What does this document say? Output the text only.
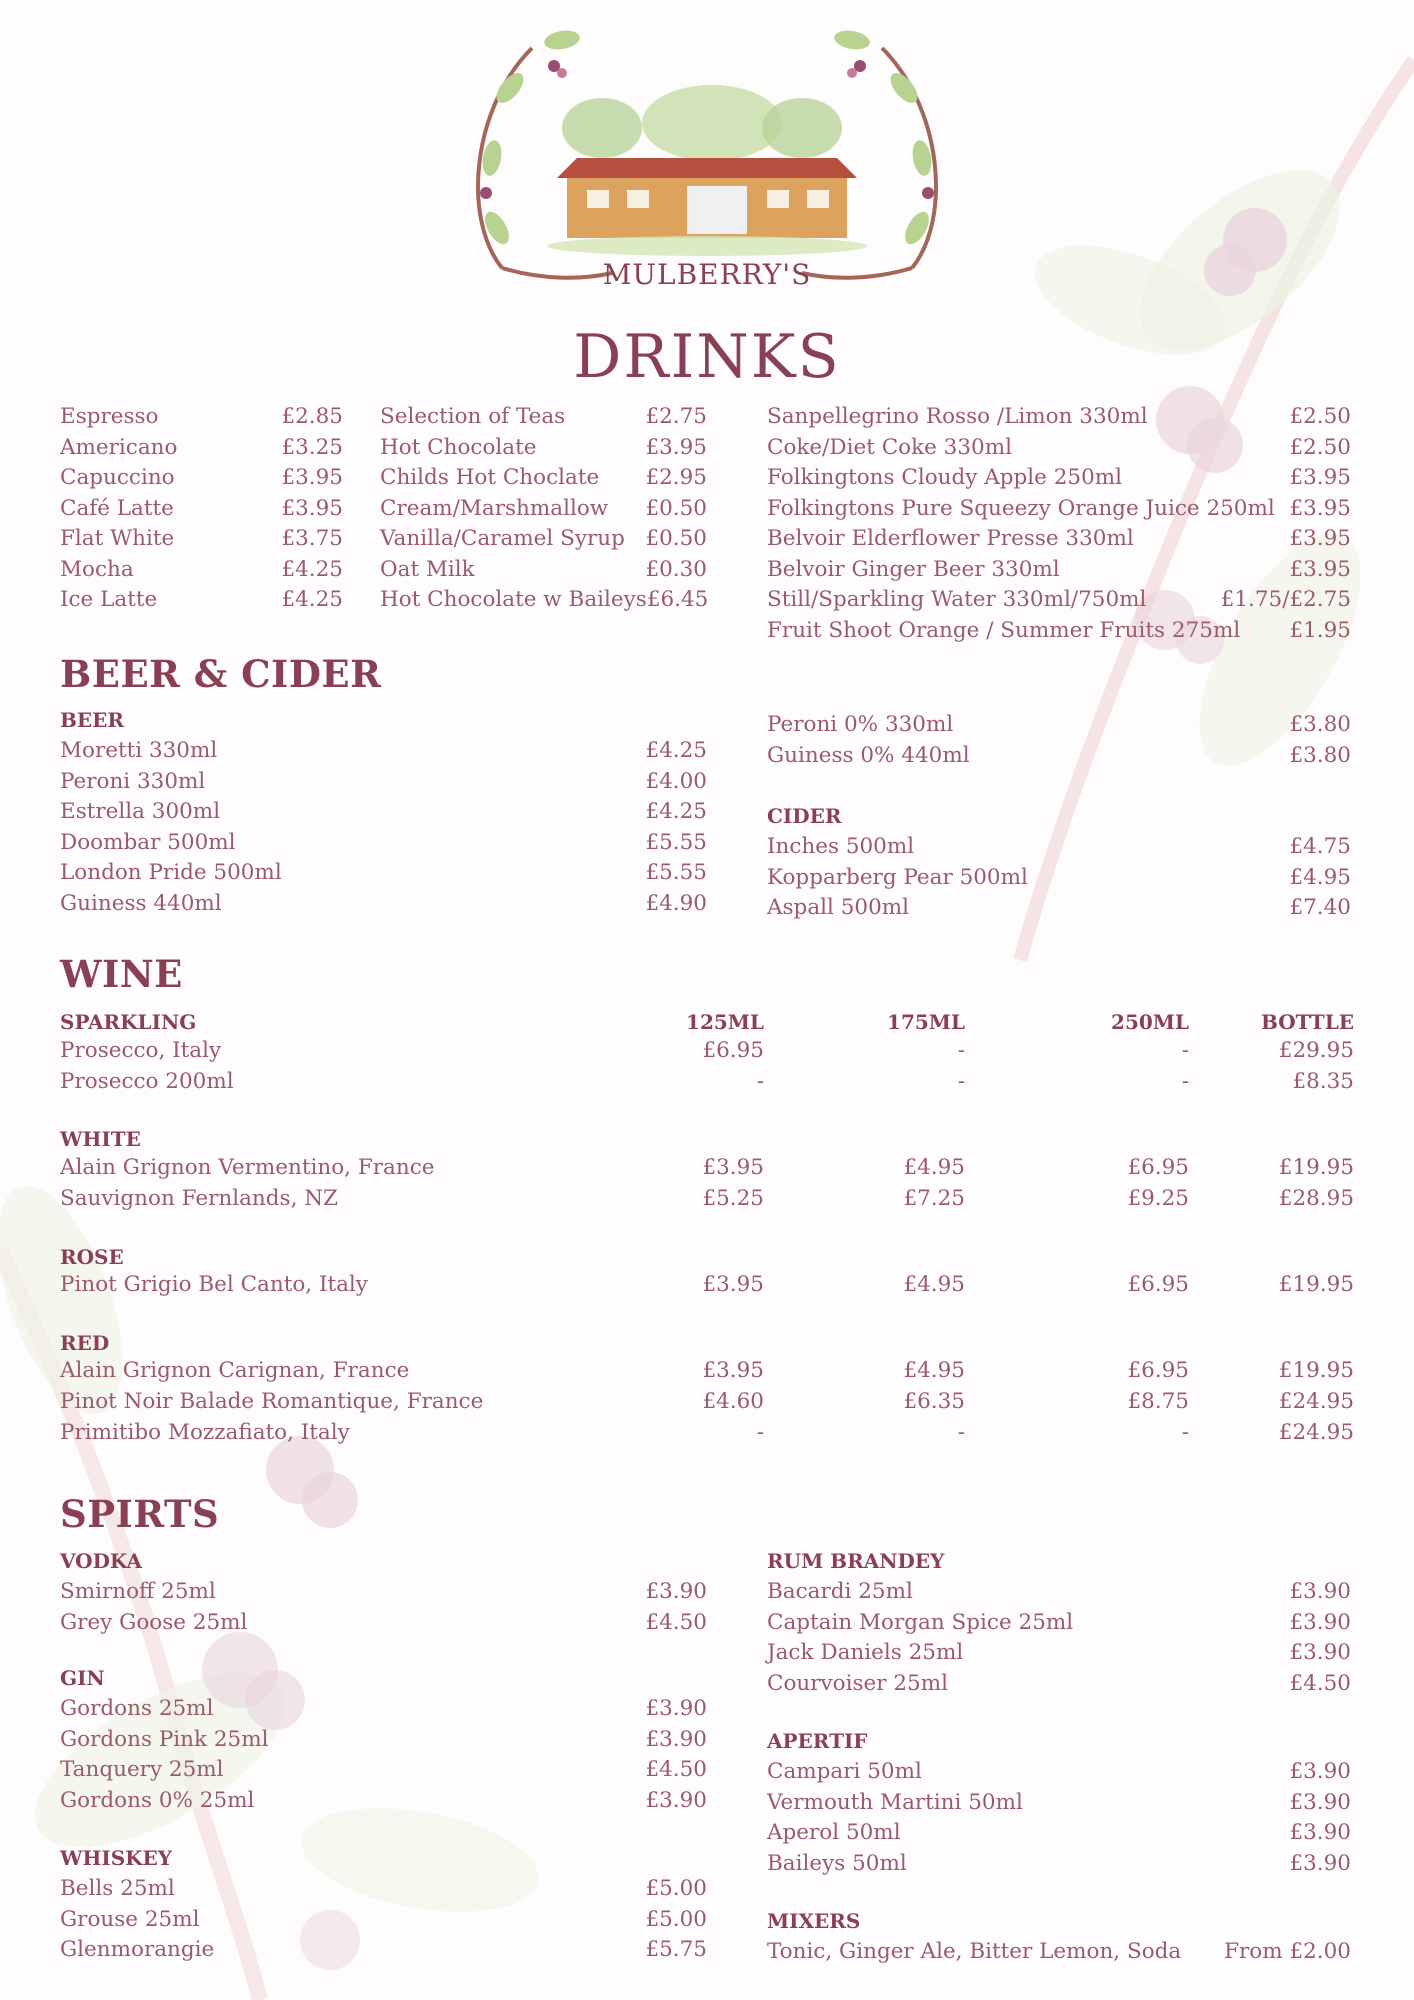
MULBERRY'S
DRINKS
Espresso	£2.85
Americano	£3.25
Capuccino	£3.95
Café Latte	£3.95
Flat White	£3.75
Mocha	£4.25
Ice Latte	£4.25
Selection of Teas	£2.75
Hot Chocolate	£3.95
Childs Hot Choclate £2.95
Cream/Marshmallow £0.50
Vanilla/Caramel Syrup £0.50
Oat Milk	£0.30
Hot Chocolate w Baileys £6.45
Sanpellegrino Rosso /Limon 330ml	£2.50
Coke/Diet Coke 330ml	£2.50
Folkingtons Cloudy Apple 250ml	£3.95
Folkingtons Pure Squeezy Orange Juice 250ml £3.95
Belvoir Elderflower Presse 330ml	£3.95
Belvoir Ginger Beer 330ml	£3.95
Still/Sparkling Water 330ml/750ml	£1.75/£2.75
Fruit Shoot Orange / Summer Fruits 275ml £1.95
BEER & CIDER
BEER
Moretti 330ml	£4.25
Peroni 330ml	£4.00
Estrella 300ml	£4.25
Doombar 500ml	£5.55
London Pride 500ml	£5.55
Guiness 440ml	£4.90
Peroni 0% 330ml	£3.80
Guiness 0% 440ml	£3.80
CIDER
Inches 500ml	£4.75
Kopparberg Pear 500ml	£4.95
Aspall 500ml	£7.40
WINE
SPARKLING	125ML	175ML	250ML	BOTTLE
Prosecco, Italy	£6.95	-	-	£29.95
Prosecco 200ml	-	-	-	£8.35
WHITE
Alain Grignon Vermentino, France	£3.95	£4.95	£6.95	£19.95
Sauvignon Fernlands, NZ	£5.25	£7.25	£9.25	£28.95
ROSE
Pinot Grigio Bel Canto, Italy	£3.95	£4.95	£6.95	£19.95
RED
Alain Grignon Carignan, France	£3.95	£4.95	£6.95	£19.95
Pinot Noir Balade Romantique, France	£4.60	£6.35	£8.75	£24.95
Primitibo Mozzafiato, Italy	-	-	-	£24.95
SPIRTS
VODKA
Smirnoff 25ml	£3.90
Grey Goose 25ml	£4.50
GIN
Gordons 25ml	£3.90
Gordons Pink 25ml	£3.90
Tanquery 25ml	£4.50
Gordons 0% 25ml	£3.90
WHISKEY
Bells 25ml	£5.00
Grouse 25ml	£5.00
Glenmorangie	£5.75
RUM BRANDEY
Bacardi 25ml	£3.90
Captain Morgan Spice 25ml	£3.90
Jack Daniels 25ml	£3.90
Courvoiser 25ml	£4.50
APERTIF
Campari 50ml	£3.90
Vermouth Martini 50ml	£3.90
Aperol 50ml	£3.90
Baileys 50ml	£3.90
MIXERS
Tonic, Ginger Ale, Bitter Lemon, Soda From £2.00
